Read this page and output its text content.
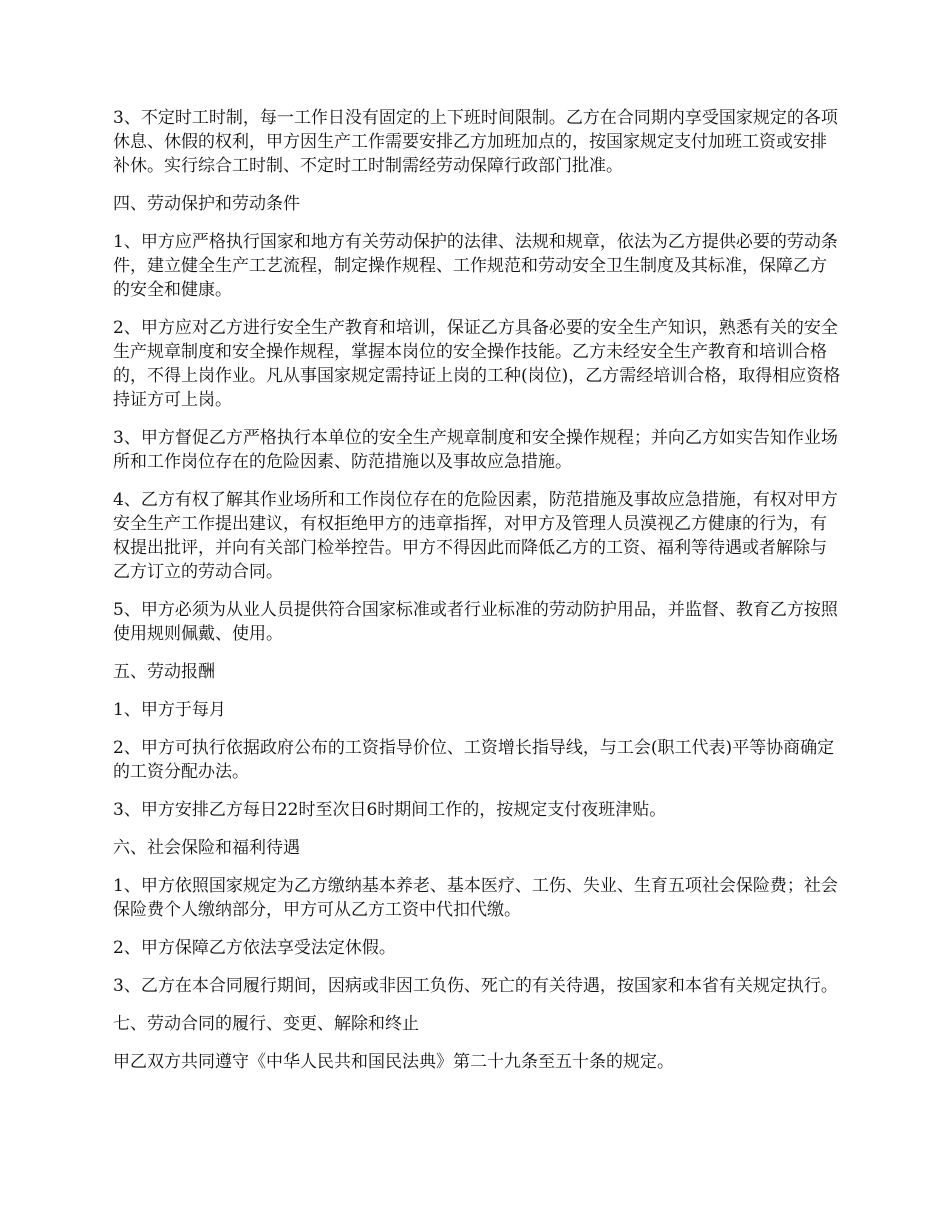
3、不定时工时制，每一工作日没有固定的上下班时间限制。乙方在合同期内享受国家规定的各项休息、休假的权利，甲方因生产工作需要安排乙方加班加点的，按国家规定支付加班工资或安排补休。实行综合工时制、不定时工时制需经劳动保障行政部门批准。

四、劳动保护和劳动条件

1、甲方应严格执行国家和地方有关劳动保护的法律、法规和规章，依法为乙方提供必要的劳动条件，建立健全生产工艺流程，制定操作规程、工作规范和劳动安全卫生制度及其标准，保障乙方的安全和健康。

2、甲方应对乙方进行安全生产教育和培训，保证乙方具备必要的安全生产知识，熟悉有关的安全生产规章制度和安全操作规程，掌握本岗位的安全操作技能。乙方未经安全生产教育和培训合格的，不得上岗作业。凡从事国家规定需持证上岗的工种(岗位)，乙方需经培训合格，取得相应资格持证方可上岗。

3、甲方督促乙方严格执行本单位的安全生产规章制度和安全操作规程；并向乙方如实告知作业场所和工作岗位存在的危险因素、防范措施以及事故应急措施。

4、乙方有权了解其作业场所和工作岗位存在的危险因素，防范措施及事故应急措施，有权对甲方安全生产工作提出建议，有权拒绝甲方的违章指挥，对甲方及管理人员漠视乙方健康的行为，有权提出批评，并向有关部门检举控告。甲方不得因此而降低乙方的工资、福利等待遇或者解除与乙方订立的劳动合同。

5、甲方必须为从业人员提供符合国家标准或者行业标准的劳动防护用品，并监督、教育乙方按照使用规则佩戴、使用。

五、劳动报酬

1、甲方于每月

2、甲方可执行依据政府公布的工资指导价位、工资增长指导线，与工会(职工代表)平等协商确定的工资分配办法。

3、甲方安排乙方每日22时至次日6时期间工作的，按规定支付夜班津贴。

六、社会保险和福利待遇

1、甲方依照国家规定为乙方缴纳基本养老、基本医疗、工伤、失业、生育五项社会保险费；社会保险费个人缴纳部分，甲方可从乙方工资中代扣代缴。

2、甲方保障乙方依法享受法定休假。

3、乙方在本合同履行期间，因病或非因工负伤、死亡的有关待遇，按国家和本省有关规定执行。

七、劳动合同的履行、变更、解除和终止

甲乙双方共同遵守《中华人民共和国民法典》第二十九条至五十条的规定。
